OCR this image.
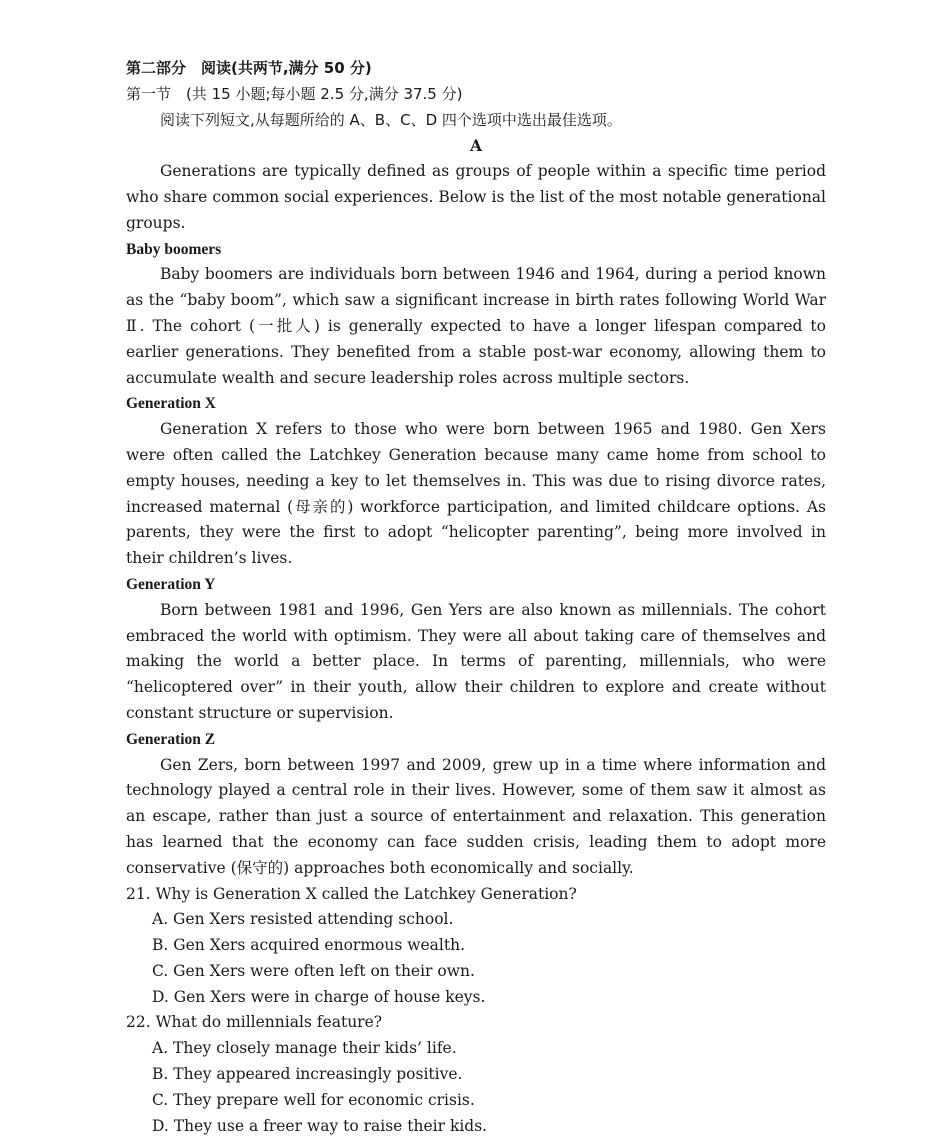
第二部分　阅读(共两节,满分 50 分)
第一节　(共 15 小题;每小题 2.5 分,满分 37.5 分)
阅读下列短文,从每题所给的 A、B、C、D 四个选项中选出最佳选项。
A

Generations are typically defined as groups of people within a specific time period who share common social experiences. Below is the list of the most notable generational groups.

Baby boomers

Baby boomers are individuals born between 1946 and 1964, during a period known as the “baby boom”, which saw a significant increase in birth rates following World War Ⅱ. The cohort (一批人) is generally expected to have a longer lifespan compared to earlier generations. They benefited from a stable post-war economy, allowing them to accumulate wealth and secure leadership roles across multiple sectors.

Generation X

Generation X refers to those who were born between 1965 and 1980. Gen Xers were often called the Latchkey Generation because many came home from school to empty houses, needing a key to let themselves in. This was due to rising divorce rates, increased maternal (母亲的) workforce participation, and limited childcare options. As parents, they were the first to adopt “helicopter parenting”, being more involved in their children’s lives.

Generation Y

Born between 1981 and 1996, Gen Yers are also known as millennials. The cohort embraced the world with optimism. They were all about taking care of themselves and making the world a better place. In terms of parenting, millennials, who were “helicoptered over” in their youth, allow their children to explore and create without constant structure or supervision.

Generation Z

Gen Zers, born between 1997 and 2009, grew up in a time where information and technology played a central role in their lives. However, some of them saw it almost as an escape, rather than just a source of entertainment and relaxation. This generation has learned that the economy can face sudden crisis, leading them to adopt more conservative (保守的) approaches both economically and socially.

21. Why is Generation X called the Latchkey Generation?
A. Gen Xers resisted attending school.
B. Gen Xers acquired enormous wealth.
C. Gen Xers were often left on their own.
D. Gen Xers were in charge of house keys.
22. What do millennials feature?
A. They closely manage their kids’ life.
B. They appeared increasingly positive.
C. They prepare well for economic crisis.
D. They use a freer way to raise their kids.
